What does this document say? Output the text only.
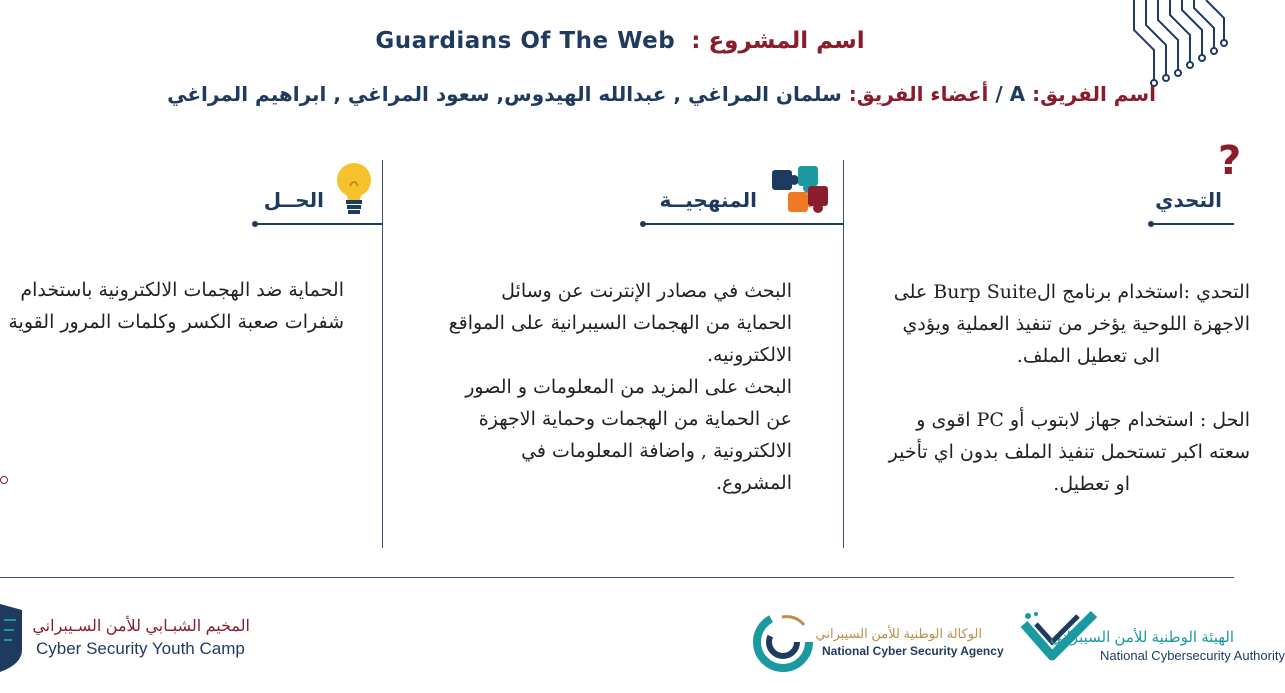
Guardians Of The Web اسم المشروع :
اسم الفريق: A / أعضاء الفريق: سلمان المراغي , عبدالله الهيدوس, سعود المراغي , ابراهيم المراغي
?
التحدي
التحدي :استخدام برنامج الBurp Suite على
الاجهزة اللوحية يؤخر من تنفيذ العملية ويؤدي
الى تعطيل الملف.
الحل : استخدام جهاز لابتوب أو PC اقوى و
سعته اكبر تستحمل تنفيذ الملف بدون اي تأخير
او تعطيل.
المنهجيــة
البحث في مصادر الإنترنت عن وسائل
الحماية من الهجمات السيبرانية على المواقع
الالكترونيه.
البحث على المزيد من المعلومات و الصور
عن الحماية من الهجمات وحماية الاجهزة
الالكترونية , واضافة المعلومات في
المشروع.
الحــل
الحماية ضد الهجمات الالكترونية باستخدام
شفرات صعبة الكسر وكلمات المرور القوية
المخيم الشبـابي للأمن السـيبراني
Cyber Security Youth Camp
الوكالة الوطنية للأمن السيبراني
National Cyber Security Agency
الهيئة الوطنية للأمن السيبراني
National Cybersecurity Authority
